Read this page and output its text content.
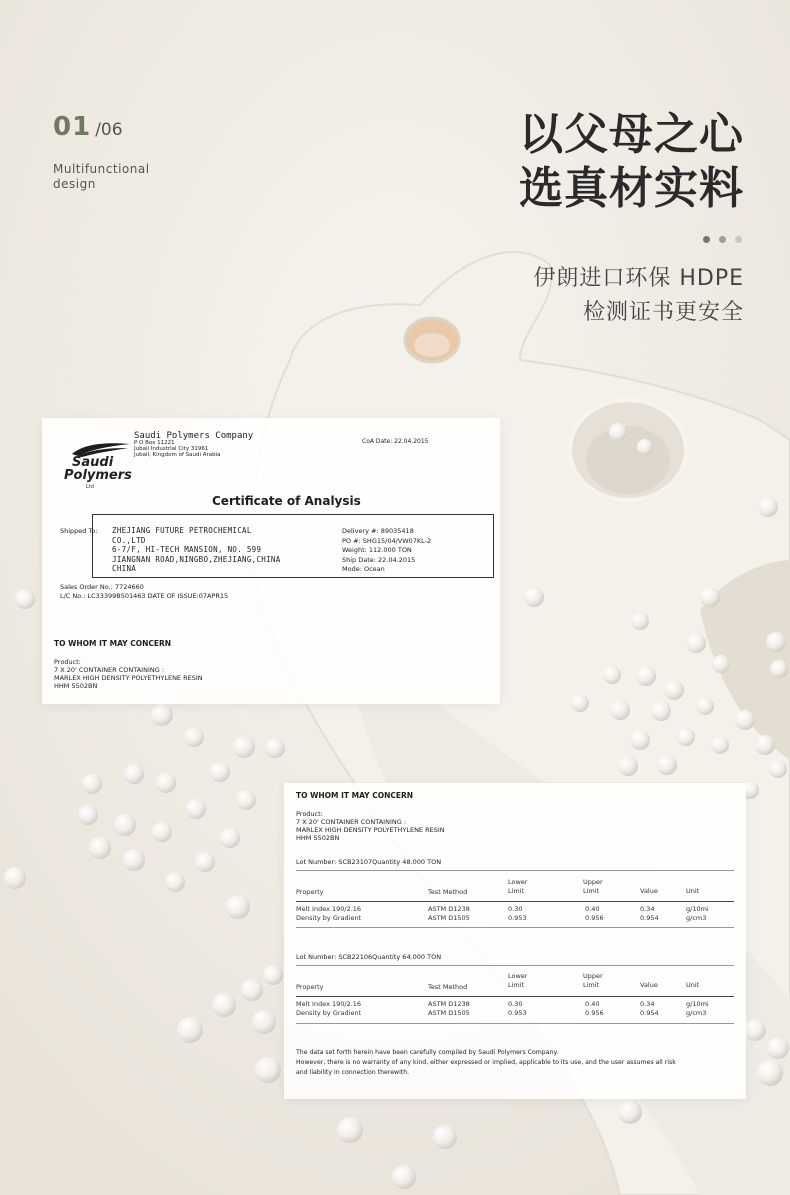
01 /06
Multifunctional
design
以父母之心
选真材实料
伊朗进口环保 HDPE
检测证书更安全
Saudi
Polymers
Ltd
Saudi Polymers Company
P O Box 11221
Jubail Industrial City 31961
Jubail, Kingdom of Saudi Arabia
CoA Date: 22.04.2015
Certificate of Analysis
Shipped To: ZHEJIANG FUTURE PETROCHEMICAL
CO.,LTD
6-7/F, HI-TECH MANSION, NO. 599
JIANGNAN ROAD,NINGBO,ZHEJIANG,CHINA
CHINA
Delivery #: 89035418
PO #: SHG15/04/VW07KL-2
Weight: 112.000 TON
Ship Date: 22.04.2015
Mode: Ocean
Sales Order No.: 7724660
L/C No.: LC33399B501463 DATE OF ISSUE:07APR15
TO WHOM IT MAY CONCERN
Product:
7 X 20' CONTAINER CONTAINING :
MARLEX HIGH DENSITY POLYETHYLENE RESIN
HHM 5502BN
TO WHOM IT MAY CONCERN
Product:
7 X 20' CONTAINER CONTAINING :
MARLEX HIGH DENSITY POLYETHYLENE RESIN
HHM 5502BN
Lot Number: SCB23107Quantity 48.000 TON
Property	Test Method
Lower
Limit
Upper
Limit	Value	Unit
Melt Index 190/2.16	ASTM D1238	0.30	0.40	0.34	g/10mi
Density by Gradient	ASTM D1505	0.953	0.956	0.954	g/cm3
Lot Number: SCB22106Quantity 64.000 TON
Property	Test Method
Lower
Limit
Upper
Limit	Value	Unit
Melt Index 190/2.16	ASTM D1238	0.30	0.40	0.34	g/10mi
Density by Gradient	ASTM D1505	0.953	0.956	0.954	g/cm3
The data set forth herein have been carefully compiled by Saudi Polymers Company.
However, there is no warranty of any kind, either expressed or implied, applicable to its use, and the user assumes all risk
and liability in connection therewith.
